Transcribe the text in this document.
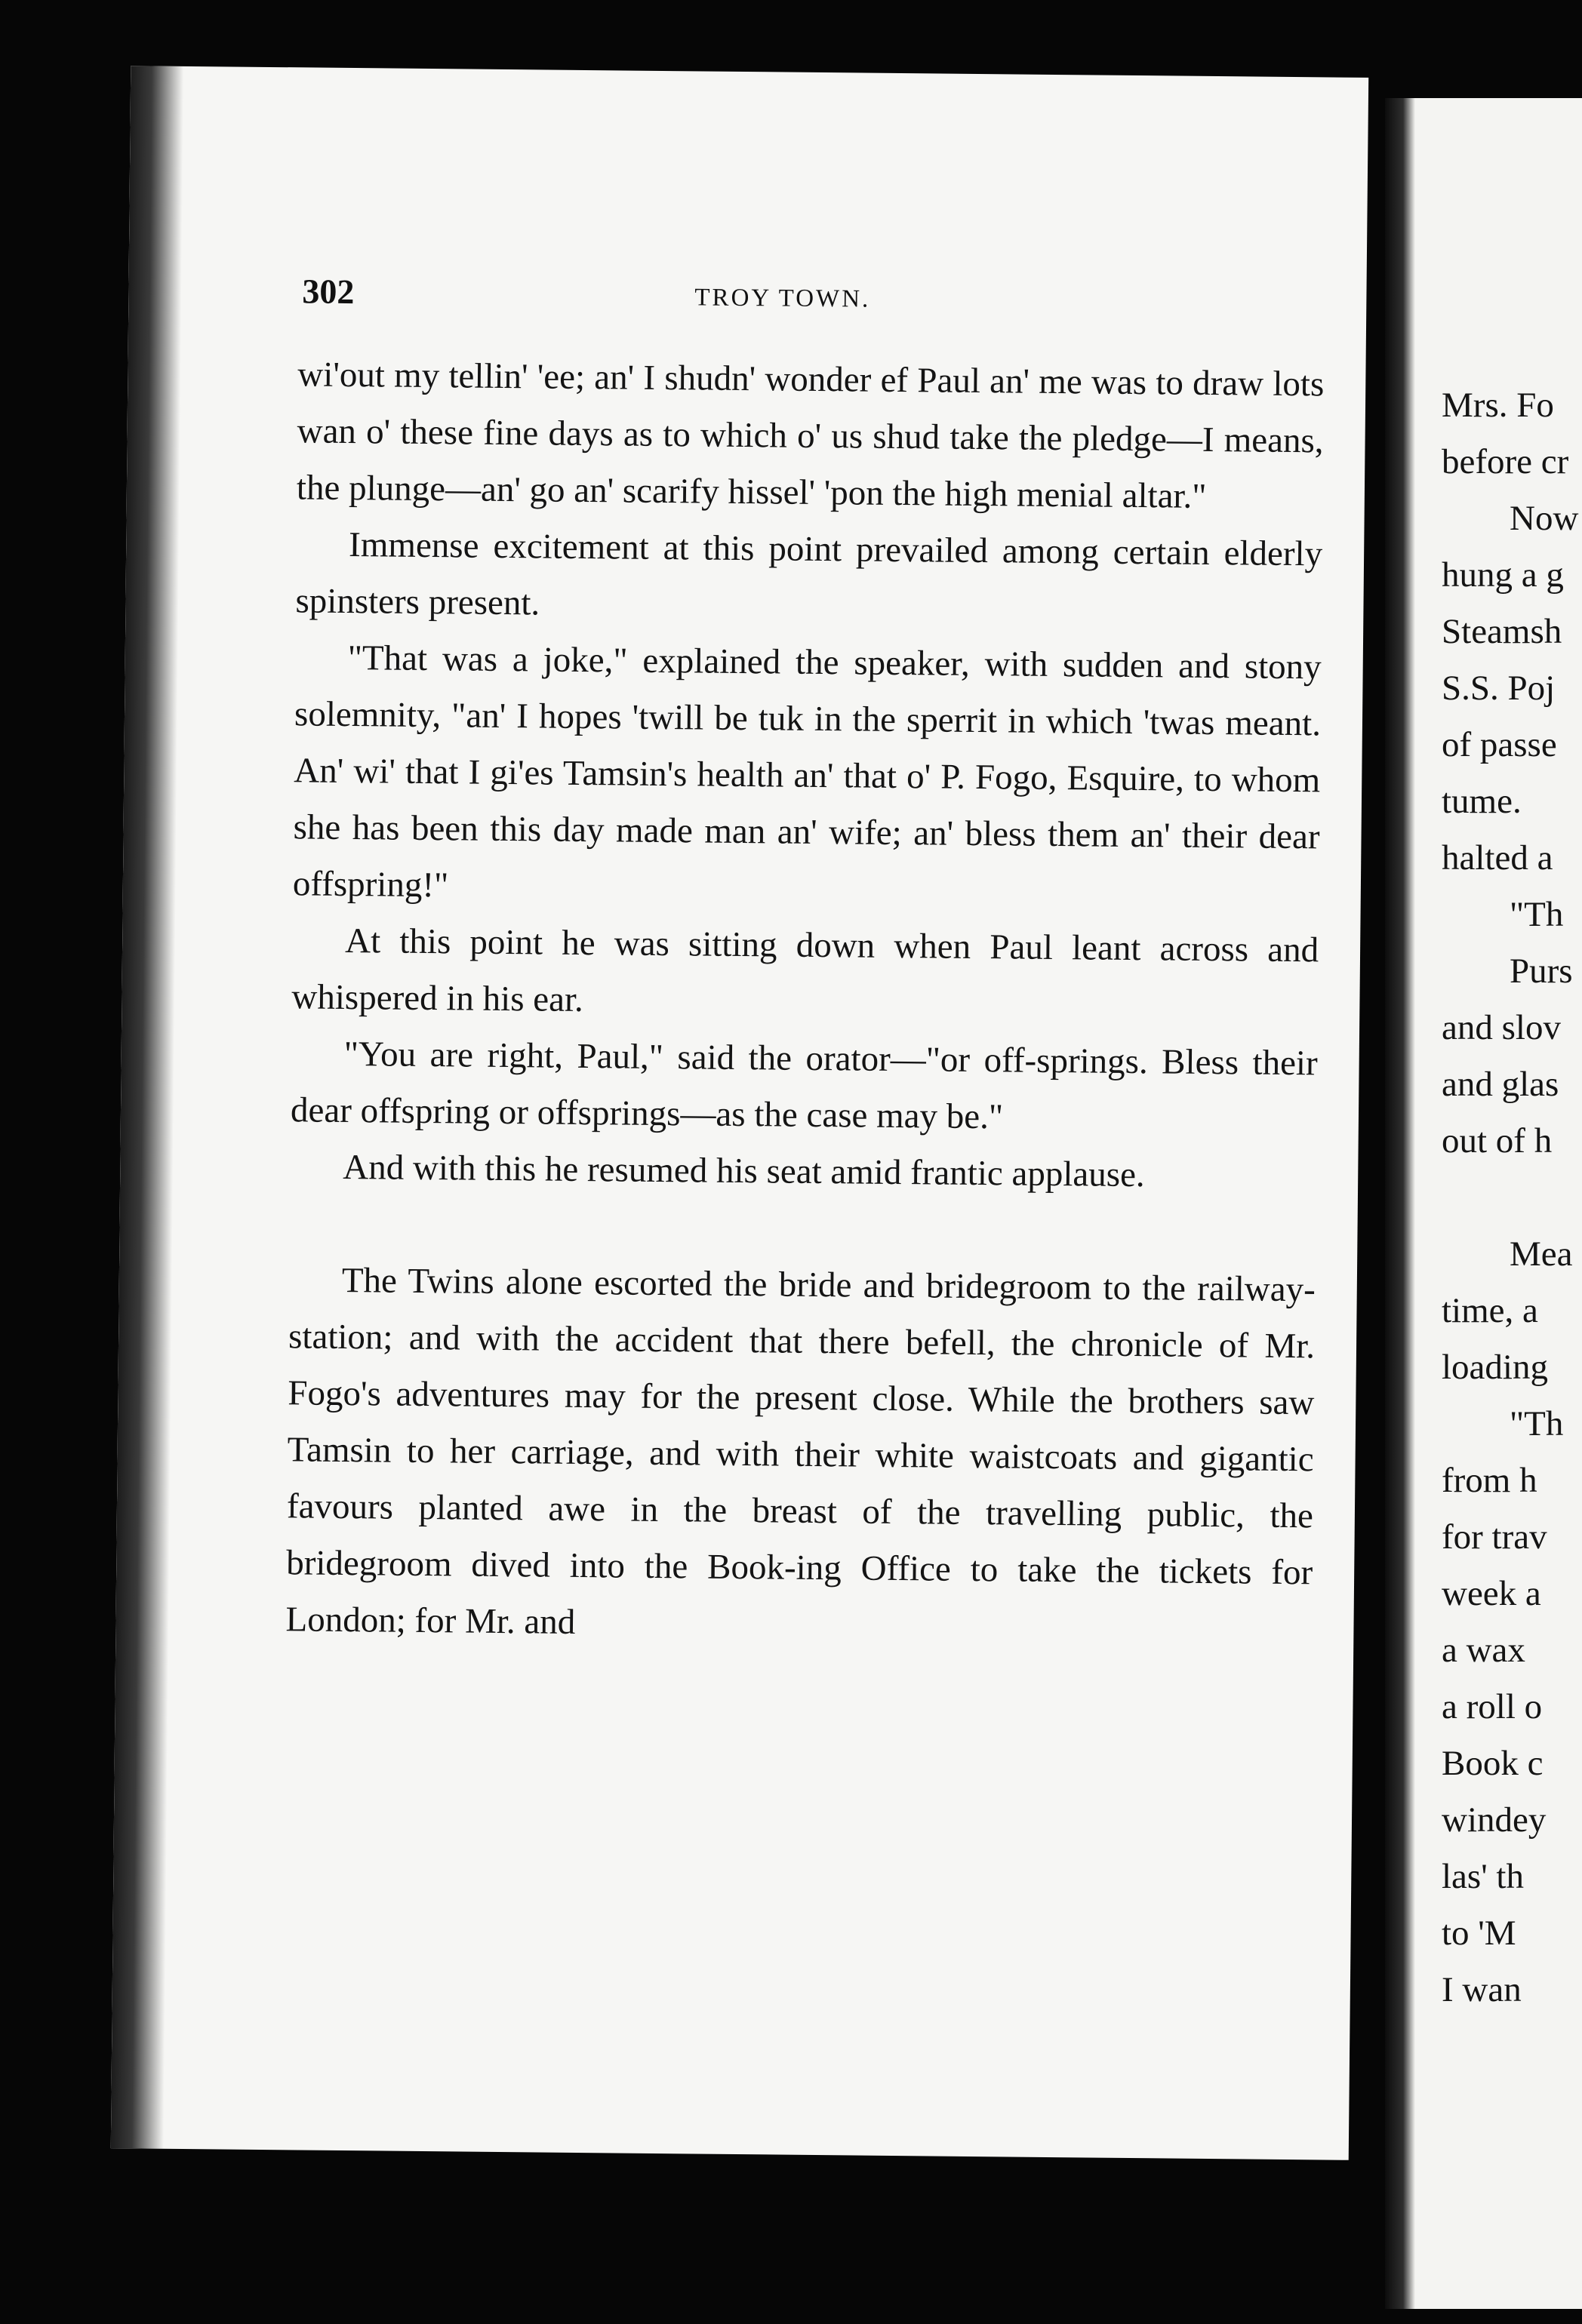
302	TROY TOWN.

wi'out my tellin' 'ee; an' I shudn' wonder ef Paul an' me was to draw lots wan o' these fine days as to which o' us shud take the pledge—I means, the plunge—an' go an' scarify hissel' 'pon the high menial altar."

Immense excitement at this point prevailed among certain elderly spinsters present.

"That was a joke," explained the speaker, with sudden and stony solemnity, "an' I hopes 'twill be tuk in the sperrit in which 'twas meant. An' wi' that I gi'es Tamsin's health an' that o' P. Fogo, Esquire, to whom she has been this day made man an' wife; an' bless them an' their dear offspring!"

At this point he was sitting down when Paul leant across and whispered in his ear.

"You are right, Paul," said the orator—"or off-springs. Bless their dear offspring or offsprings—as the case may be."

And with this he resumed his seat amid frantic applause.

The Twins alone escorted the bride and bridegroom to the railway-station; and with the accident that there befell, the chronicle of Mr. Fogo's adventures may for the present close. While the brothers saw Tamsin to her carriage, and with their white waistcoats and gigantic favours planted awe in the breast of the travelling public, the bridegroom dived into the Book-ing Office to take the tickets for London; for Mr. and

Mrs. Fo
before cr
Now
hung a g
Steamsh
S.S. Poj
of passe
tume.
halted a
"Th
Purs
and slov
and glas
out of h
Mea
time, a
loading
"Th
from h
for trav
week a
a wax
a roll o
Book c
windey
las' th
to 'M
I wan
